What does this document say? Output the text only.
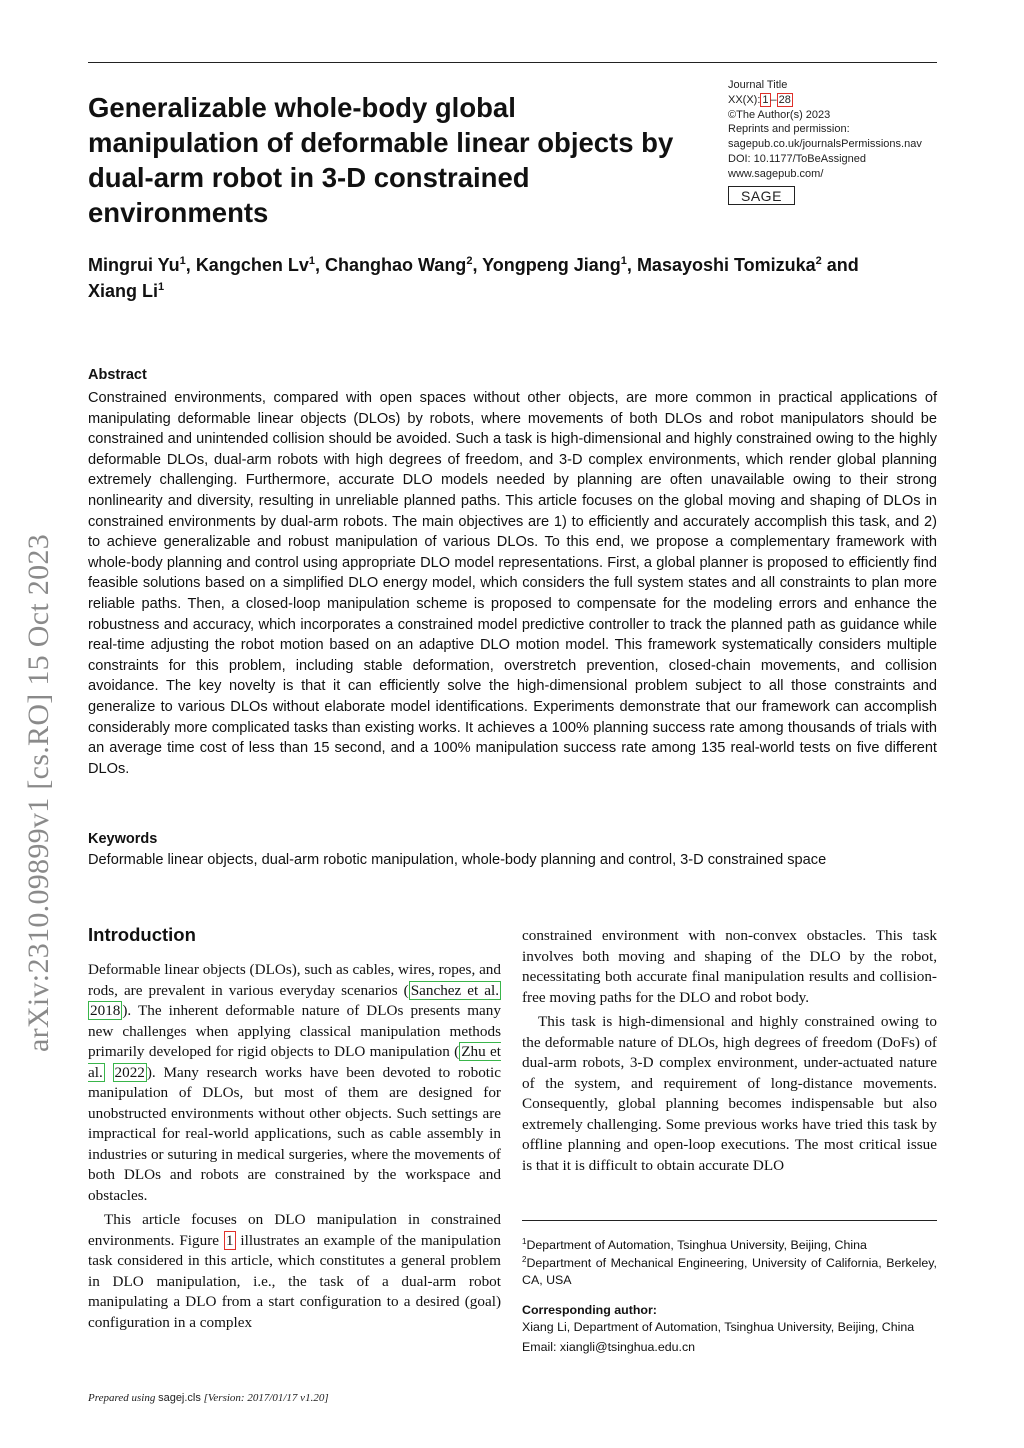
Generalizable whole-body global manipulation of deformable linear objects by dual-arm robot in 3-D constrained environments
Journal Title
XX(X): 1 – 28
©The Author(s) 2023
Reprints and permission:
sagepub.co.uk/journalsPermissions.nav
DOI: 10.1177/ToBeAssigned
www.sagepub.com/
SAGE
Mingrui Yu$^1$, Kangchen Lv$^1$, Changhao Wang$^2$, Yongpeng Jiang$^1$, Masayoshi Tomizuka$^2$ and
Xiang Li$^1$
arXiv:2310.09899v1 [cs.RO] 15 Oct 2023
Abstract
Constrained environments, compared with open spaces without other objects, are more common in practical applications of manipulating deformable linear objects (DLOs) by robots, where movements of both DLOs and robot manipulators should be constrained and unintended collision should be avoided. Such a task is high-dimensional and highly constrained owing to the highly deformable DLOs, dual-arm robots with high degrees of freedom, and 3-D complex environments, which render global planning extremely challenging. Furthermore, accurate DLO models needed by planning are often unavailable owing to their strong nonlinearity and diversity, resulting in unreliable planned paths. This article focuses on the global moving and shaping of DLOs in constrained environments by dual-arm robots. The main objectives are 1) to efficiently and accurately accomplish this task, and 2) to achieve generalizable and robust manipulation of various DLOs. To this end, we propose a complementary framework with whole-body planning and control using appropriate DLO model representations. First, a global planner is proposed to efficiently find feasible solutions based on a simplified DLO energy model, which considers the full system states and all constraints to plan more reliable paths. Then, a closed-loop manipulation scheme is proposed to compensate for the modeling errors and enhance the robustness and accuracy, which incorporates a constrained model predictive controller to track the planned path as guidance while real-time adjusting the robot motion based on an adaptive DLO motion model. This framework systematically considers multiple constraints for this problem, including stable deformation, overstretch prevention, closed-chain movements, and collision avoidance. The key novelty is that it can efficiently solve the high-dimensional problem subject to all those constraints and generalize to various DLOs without elaborate model identifications. Experiments demonstrate that our framework can accomplish considerably more complicated tasks than existing works. It achieves a 100% planning success rate among thousands of trials with an average time cost of less than 15 second, and a 100% manipulation success rate among 135 real-world tests on five different DLOs.
Keywords
Deformable linear objects, dual-arm robotic manipulation, whole-body planning and control, 3-D constrained space
Introduction

Deformable linear objects (DLOs), such as cables, wires, ropes, and rods, are prevalent in various everyday scenarios ( Sanchez et al. 2018 ). The inherent deformable nature of DLOs presents many new challenges when applying classical manipulation methods primarily developed for rigid objects to DLO manipulation ( Zhu et al. 2022 ). Many research works have been devoted to robotic manipulation of DLOs, but most of them are designed for unobstructed environments without other objects. Such settings are impractical for real-world applications, such as cable assembly in industries or suturing in medical surgeries, where the movements of both DLOs and robots are constrained by the workspace and obstacles.

This article focuses on DLO manipulation in constrained environments. Figure 1 illustrates an example of the manipulation task considered in this article, which constitutes a general problem in DLO manipulation, i.e., the task of a dual-arm robot manipulating a DLO from a start configuration to a desired (goal) configuration in a complex

constrained environment with non-convex obstacles. This task involves both moving and shaping of the DLO by the robot, necessitating both accurate final manipulation results and collision-free moving paths for the DLO and robot body.

This task is high-dimensional and highly constrained owing to the deformable nature of DLOs, high degrees of freedom (DoFs) of dual-arm robots, 3-D complex environment, under-actuated nature of the system, and requirement of long-distance movements. Consequently, global planning becomes indispensable but also extremely challenging. Some previous works have tried this task by offline planning and open-loop executions. The most critical issue is that it is difficult to obtain accurate DLO

$^1$Department of Automation, Tsinghua University, Beijing, China
$^2$Department of Mechanical Engineering, University of California, Berkeley, CA, USA
Corresponding author:
Xiang Li, Department of Automation, Tsinghua University, Beijing, China
Email: xiangli@tsinghua.edu.cn
Prepared using sagej.cls [Version: 2017/01/17 v1.20]
